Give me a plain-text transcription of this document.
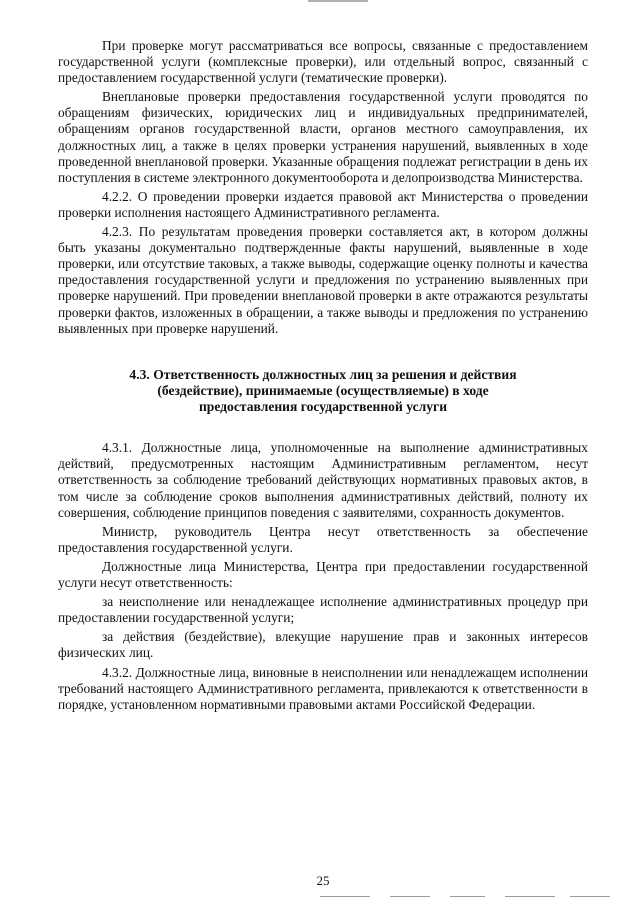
При проверке могут рассматриваться все вопросы, связанные с предоставлением государственной услуги (комплексные проверки), или отдельный вопрос, связанный с предоставлением государственной услуги (тематические проверки).

Внеплановые проверки предоставления государственной услуги проводятся по обращениям физических, юридических лиц и индивидуальных предпринимателей, обращениям органов государственной власти, органов местного самоуправления, их должностных лиц, а также в целях проверки устранения нарушений, выявленных в ходе проведенной внеплановой проверки. Указанные обращения подлежат регистрации в день их поступления в системе электронного документооборота и делопроизводства Министерства.

4.2.2. О проведении проверки издается правовой акт Министерства о проведении проверки исполнения настоящего Административного регламента.

4.2.3. По результатам проведения проверки составляется акт, в котором должны быть указаны документально подтвержденные факты нарушений, выявленные в ходе проверки, или отсутствие таковых, а также выводы, содержащие оценку полноты и качества предоставления государственной услуги и предложения по устранению выявленных при проверке нарушений. При проведении внеплановой проверки в акте отражаются результаты проверки фактов, изложенных в обращении, а также выводы и предложения по устранению выявленных при проверке нарушений.

4.3. Ответственность должностных лиц за решения и действия
(бездействие), принимаемые (осуществляемые) в ходе
предоставления государственной услуги

4.3.1. Должностные лица, уполномоченные на выполнение административных действий, предусмотренных настоящим Административным регламентом, несут ответственность за соблюдение требований действующих нормативных правовых актов, в том числе за соблюдение сроков выполнения административных действий, полноту их совершения, соблюдение принципов поведения с заявителями, сохранность документов.

Министр, руководитель Центра несут ответственность за обеспечение предоставления государственной услуги.

Должностные лица Министерства, Центра при предоставлении государственной услуги несут ответственность:

за неисполнение или ненадлежащее исполнение административных процедур при предоставлении государственной услуги;

за действия (бездействие), влекущие нарушение прав и законных интересов физических лиц.

4.3.2. Должностные лица, виновные в неисполнении или ненадлежащем исполнении требований настоящего Административного регламента, привлекаются к ответственности в порядке, установленном нормативными правовыми актами Российской Федерации.

25
